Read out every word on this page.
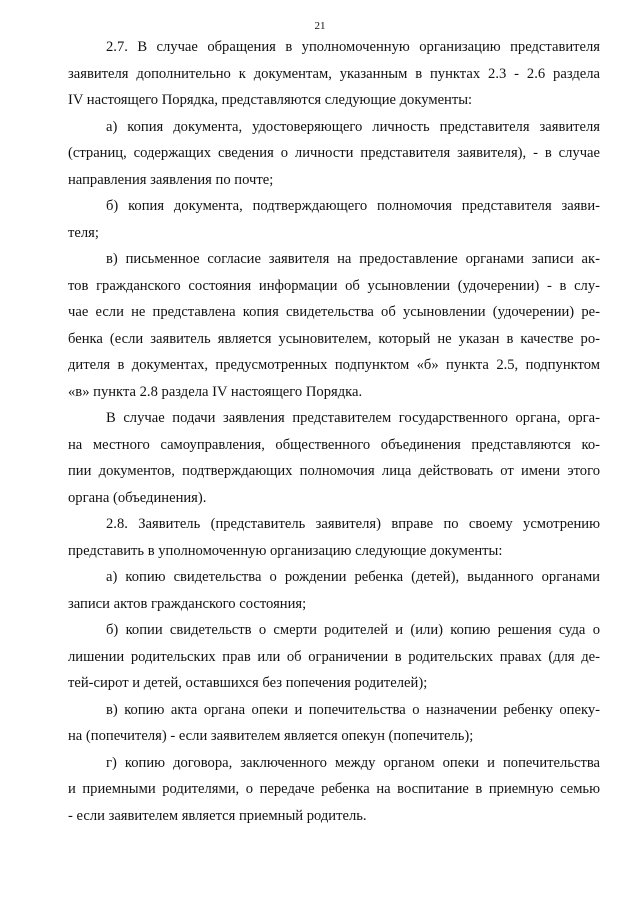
21

2.7. В случае обращения в уполномоченную организацию представителя
заявителя дополнительно к документам, указанным в пунктах 2.3 - 2.6 раздела
IV настоящего Порядка, представляются следующие документы:

а) копия документа, удостоверяющего личность представителя заявителя
(страниц, содержащих сведения о личности представителя заявителя), - в случае
направления заявления по почте;

б) копия документа, подтверждающего полномочия представителя заяви-
теля;

в) письменное согласие заявителя на предоставление органами записи ак-
тов гражданского состояния информации об усыновлении (удочерении) - в слу-
чае если не представлена копия свидетельства об усыновлении (удочерении) ре-
бенка (если заявитель является усыновителем, который не указан в качестве ро-
дителя в документах, предусмотренных подпунктом «б» пункта 2.5, подпунктом
«в» пункта 2.8 раздела IV настоящего Порядка.

В случае подачи заявления представителем государственного органа, орга-
на местного самоуправления, общественного объединения представляются ко-
пии документов, подтверждающих полномочия лица действовать от имени этого
органа (объединения).

2.8. Заявитель (представитель заявителя) вправе по своему усмотрению
представить в уполномоченную организацию следующие документы:

а) копию свидетельства о рождении ребенка (детей), выданного органами
записи актов гражданского состояния;

б) копии свидетельств о смерти родителей и (или) копию решения суда о
лишении родительских прав или об ограничении в родительских правах (для де-
тей-сирот и детей, оставшихся без попечения родителей);

в) копию акта органа опеки и попечительства о назначении ребенку опеку-
на (попечителя) - если заявителем является опекун (попечитель);

г) копию договора, заключенного между органом опеки и попечительства
и приемными родителями, о передаче ребенка на воспитание в приемную семью
- если заявителем является приемный родитель.
